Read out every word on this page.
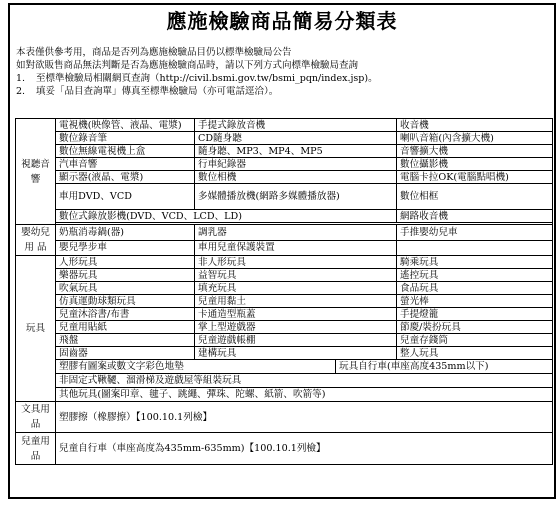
應施檢驗商品簡易分類表
本表僅供參考用，商品是否列為應施檢驗品目仍以標準檢驗局公告
如對欲販售商品無法判斷是否為應施檢驗商品時，請以下列方式向標準檢驗局查詢
1. 至標準檢驗局相關網頁查詢（http://civil.bsmi.gov.tw/bsmi_pqn/index.jsp)。
2. 填妥「品目查詢單」傳真至標準檢驗局（亦可電話逕洽）。
視聽音響	電視機(映像管、液晶、電漿)	手提式錄放音機		收音機
	數位錄音筆	CD隨身聽		喇叭音箱(內含擴大機)
	數位無線電視機上盒	隨身聽、MP3、MP4、MP5		音響擴大機
	汽車音響	行車紀錄器		數位攝影機
	顯示器(液晶、電漿)	數位相機		電腦卡拉OK(電腦點唱機)
	車用DVD、VCD	多媒體播放機(網路多媒體播放器)		數位相框
	數位式錄放影機(DVD、VCD、LCD、LD)			網路收音機

嬰幼兒用 品	奶瓶消毒鍋(器)	調乳器		手推嬰幼兒車
	嬰兒學步車	車用兒童保護裝置		
玩具	人形玩具	非人形玩具		騎乘玩具
	樂器玩具	益智玩具		遙控玩具
	吹氣玩具	填充玩具		食品玩具
	仿真運動球類玩具	兒童用黏土		螢光棒
	兒童沐浴書/布書	卡通造型瓶蓋		手提燈籠
	兒童用貼紙	掌上型遊戲器		節慶/裝扮玩具
	飛盤	兒童遊戲帳棚		兒童存錢筒
	固齒器	建構玩具		整人玩具
	塑膠有圖案或數文字彩色地墊		玩具自行車(車座高度435mm以下)	
	非固定式鞦韆、溜滑梯及遊戲屋等組裝玩具			
	其他玩具(圖案印章、毽子、跳繩、彈珠、陀螺、紙箭、吹箭等)			
文具用品	塑膠擦（橡膠擦）【100.10.1列檢】			
兒童用品	兒童自行車（車座高度為435mm-635mm)【100.10.1列檢】			
